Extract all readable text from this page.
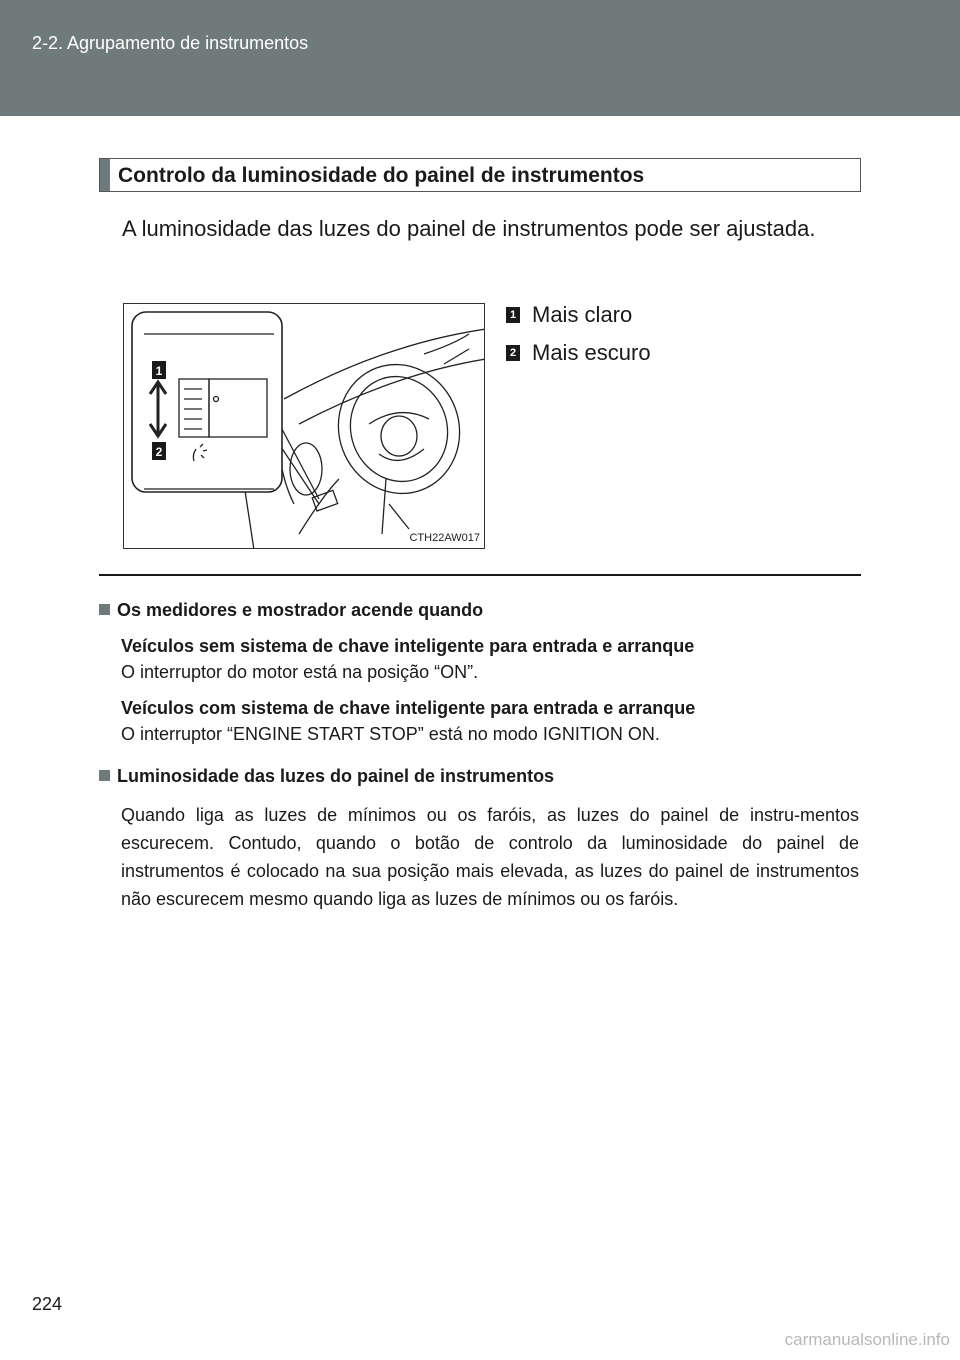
2-2. Agrupamento de instrumentos
Controlo da luminosidade do painel de instrumentos
A luminosidade das luzes do painel de instrumentos pode ser ajustada.
1
2
CTH22AW017
1 Mais claro
2 Mais escuro
Os medidores e mostrador acende quando
Veículos sem sistema de chave inteligente para entrada e arranque
O interruptor do motor está na posição “ON”.
Veículos com sistema de chave inteligente para entrada e arranque
O interruptor “ENGINE START STOP” está no modo IGNITION ON.
Luminosidade das luzes do painel de instrumentos
Quando liga as luzes de mínimos ou os faróis, as luzes do painel de instru-mentos escurecem. Contudo, quando o botão de controlo da luminosidade do painel de instrumentos é colocado na sua posição mais elevada, as luzes do painel de instrumentos não escurecem mesmo quando liga as luzes de mínimos ou os faróis.
224
carmanualsonline.info
